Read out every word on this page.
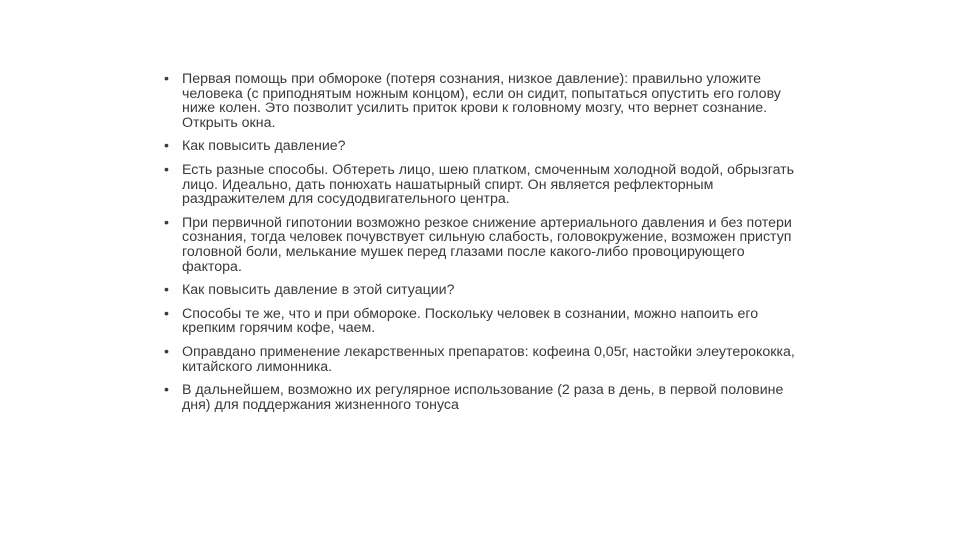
• Первая помощь при обмороке (потеря сознания, низкое давление): правильно уложите человека (с приподнятым ножным концом), если он сидит, попытаться опустить его голову ниже колен. Это позволит усилить приток крови к головному мозгу, что вернет сознание. Открыть окна.
• Как повысить давление?
• Есть разные способы. Обтереть лицо, шею платком, смоченным холодной водой, обрызгать лицо. Идеально, дать понюхать нашатырный спирт. Он является рефлекторным раздражителем для сосудодвигательного центра.
• При первичной гипотонии возможно резкое снижение артериального давления и без потери сознания, тогда человек почувствует сильную слабость, головокружение, возможен приступ головной боли, мелькание мушек перед глазами после какого-либо провоцирующего фактора.
• Как повысить давление в этой ситуации?
• Способы те же, что и при обмороке. Поскольку человек в сознании, можно напоить его крепким горячим кофе, чаем.
• Оправдано применение лекарственных препаратов: кофеина 0,05г, настойки элеутерококка, китайского лимонника.
• В дальнейшем, возможно их регулярное использование (2 раза в день, в первой половине дня) для поддержания жизненного тонуса
